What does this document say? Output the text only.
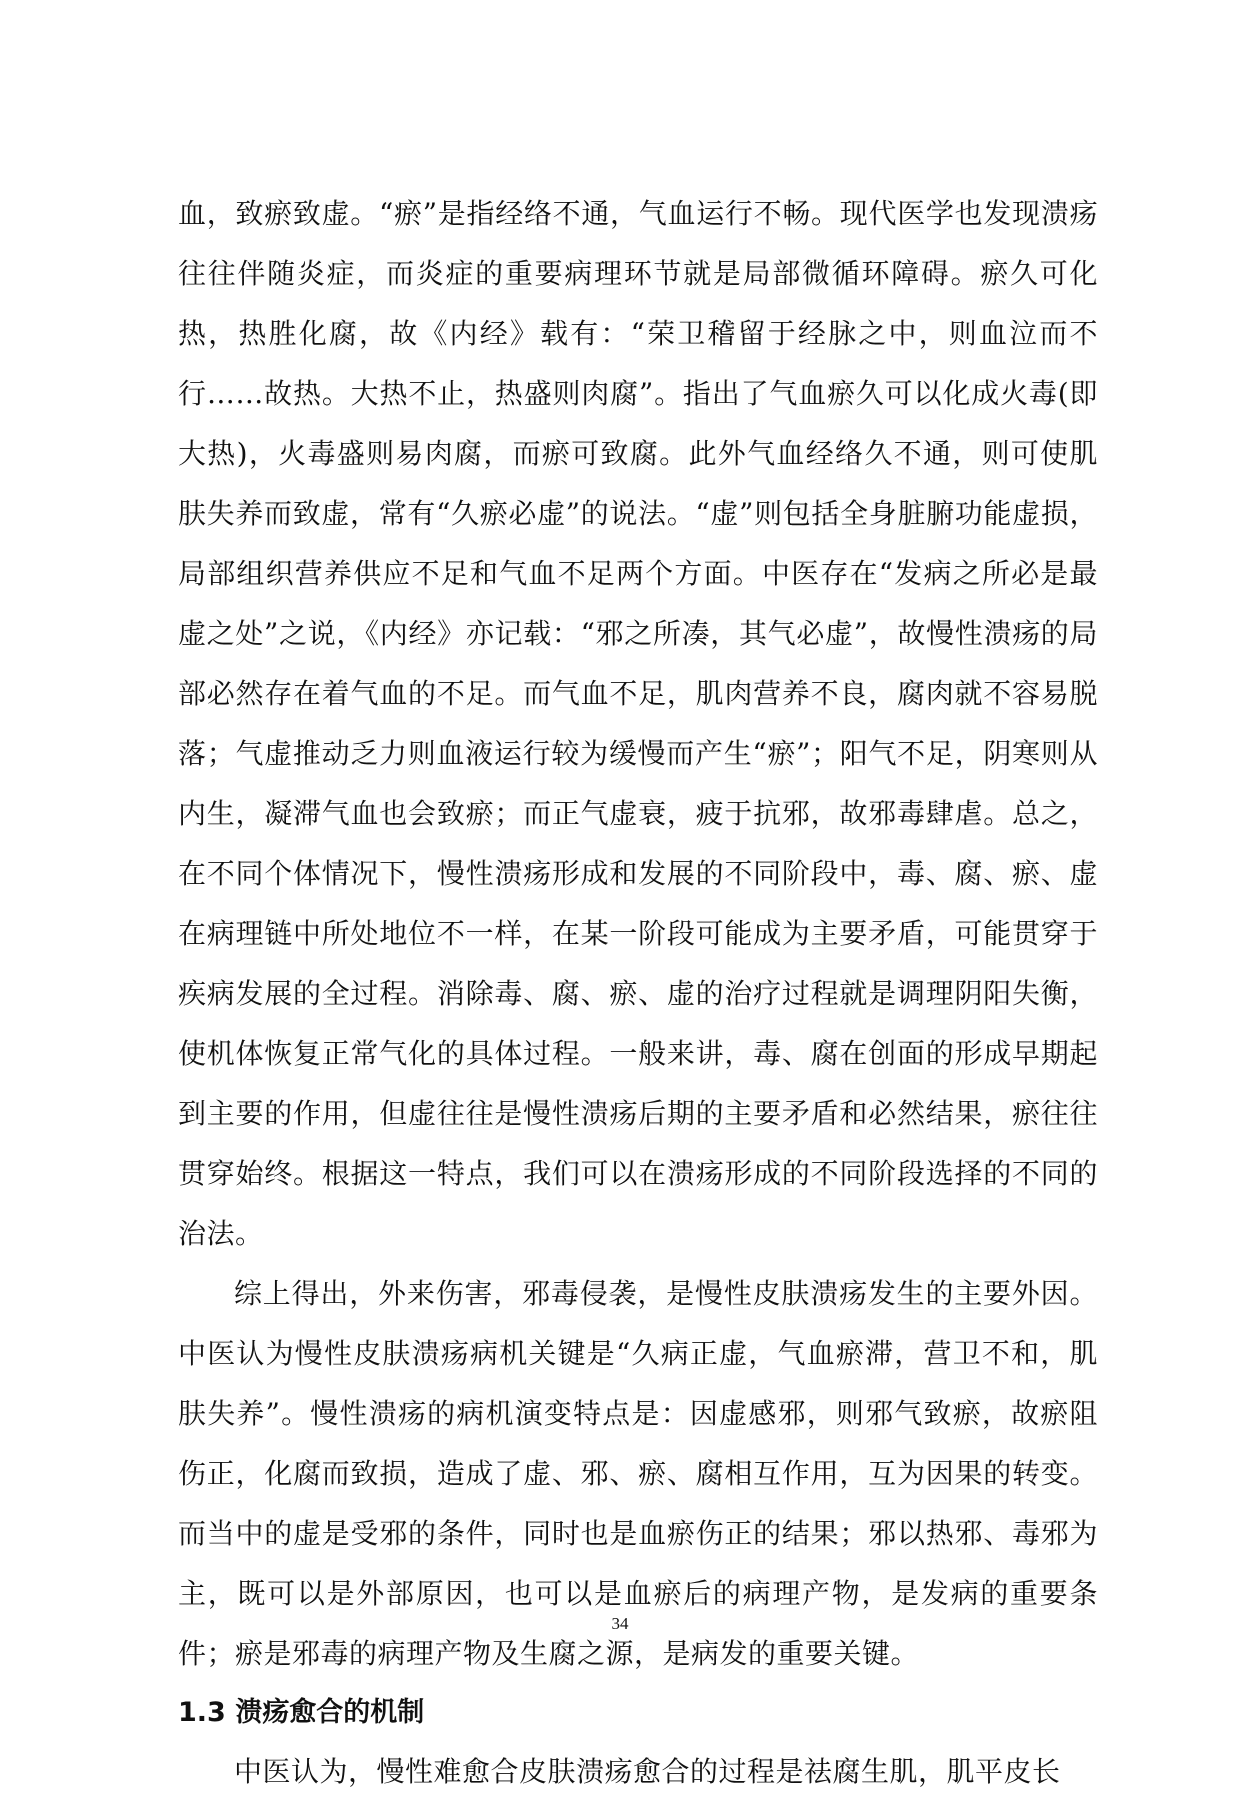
血，致瘀致虚。“瘀”是指经络不通，气血运行不畅。现代医学也发现溃疡往往伴随炎症，而炎症的重要病理环节就是局部微循环障碍。瘀久可化热，热胜化腐，故《内经》载有：“荣卫稽留于经脉之中，则血泣而不行……故热。大热不止，热盛则肉腐”。指出了气血瘀久可以化成火毒(即大热)，火毒盛则易肉腐，而瘀可致腐。此外气血经络久不通，则可使肌肤失养而致虚，常有“久瘀必虚”的说法。“虚”则包括全身脏腑功能虚损，局部组织营养供应不足和气血不足两个方面。中医存在“发病之所必是最虚之处”之说，《内经》亦记载：“邪之所凑，其气必虚”，故慢性溃疡的局部必然存在着气血的不足。而气血不足，肌肉营养不良，腐肉就不容易脱落；气虚推动乏力则血液运行较为缓慢而产生“瘀”；阳气不足，阴寒则从内生，凝滞气血也会致瘀；而正气虚衰，疲于抗邪，故邪毒肆虐。总之，在不同个体情况下，慢性溃疡形成和发展的不同阶段中，毒、腐、瘀、虚在病理链中所处地位不一样，在某一阶段可能成为主要矛盾，可能贯穿于疾病发展的全过程。消除毒、腐、瘀、虚的治疗过程就是调理阴阳失衡，使机体恢复正常气化的具体过程。一般来讲，毒、腐在创面的形成早期起到主要的作用，但虚往往是慢性溃疡后期的主要矛盾和必然结果，瘀往往贯穿始终。根据这一特点，我们可以在溃疡形成的不同阶段选择的不同的治法。

综上得出，外来伤害，邪毒侵袭，是慢性皮肤溃疡发生的主要外因。中医认为慢性皮肤溃疡病机关键是“久病正虚，气血瘀滞，营卫不和，肌肤失养”。慢性溃疡的病机演变特点是：因虚感邪，则邪气致瘀，故瘀阻伤正，化腐而致损，造成了虚、邪、瘀、腐相互作用，互为因果的转变。而当中的虚是受邪的条件，同时也是血瘀伤正的结果；邪以热邪、毒邪为主，既可以是外部原因，也可以是血瘀后的病理产物，是发病的重要条件；瘀是邪毒的病理产物及生腐之源，是病发的重要关键。

1.3 溃疡愈合的机制

中医认为，慢性难愈合皮肤溃疡愈合的过程是祛腐生肌，肌平皮长

34
